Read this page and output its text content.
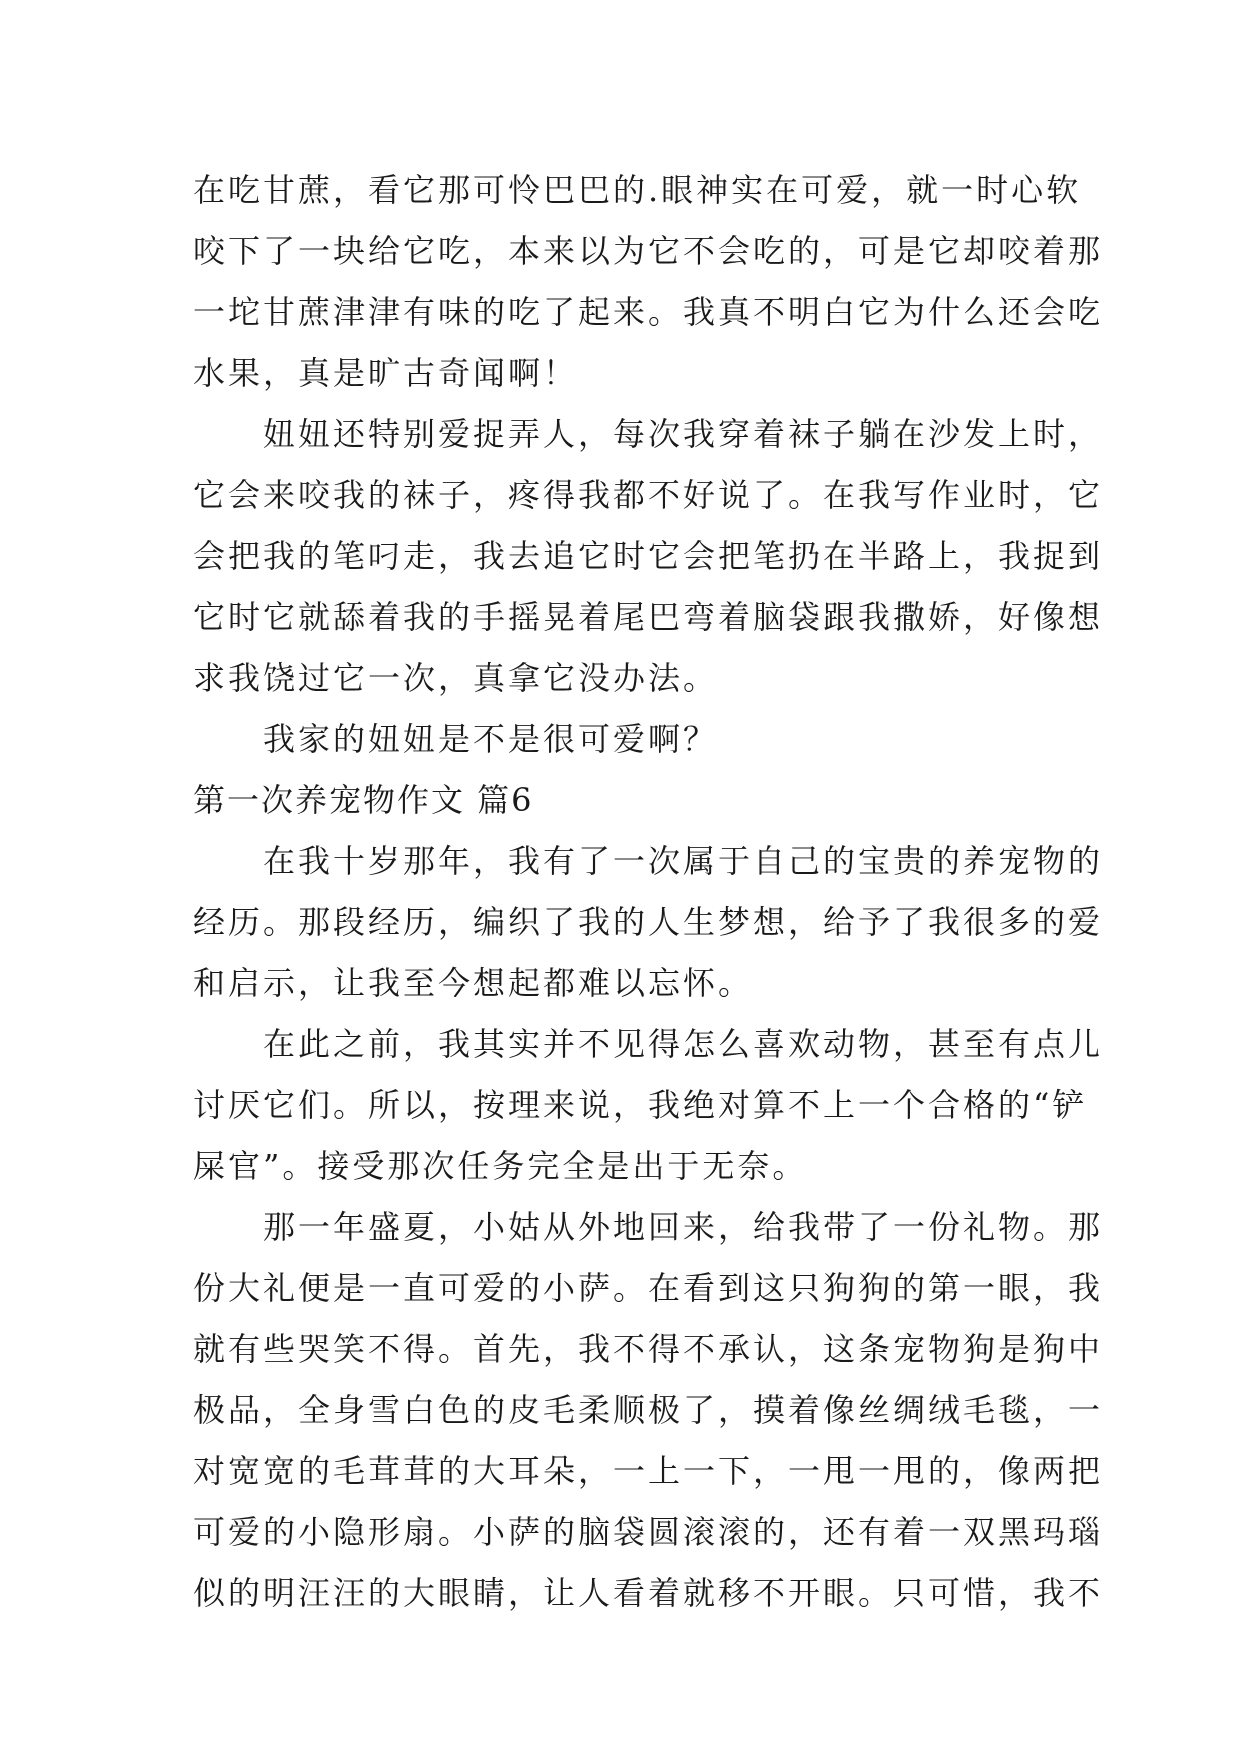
在吃甘蔗，看它那可怜巴巴的.眼神实在可爱，就一时心软
咬下了一块给它吃，本来以为它不会吃的，可是它却咬着那
一坨甘蔗津津有味的吃了起来。我真不明白它为什么还会吃
水果，真是旷古奇闻啊！
　　妞妞还特别爱捉弄人，每次我穿着袜子躺在沙发上时，
它会来咬我的袜子，疼得我都不好说了。在我写作业时，它
会把我的笔叼走，我去追它时它会把笔扔在半路上，我捉到
它时它就舔着我的手摇晃着尾巴弯着脑袋跟我撒娇，好像想
求我饶过它一次，真拿它没办法。
　　我家的妞妞是不是很可爱啊？
第一次养宠物作文 篇6
　　在我十岁那年，我有了一次属于自己的宝贵的养宠物的
经历。那段经历，编织了我的人生梦想，给予了我很多的爱
和启示，让我至今想起都难以忘怀。
　　在此之前，我其实并不见得怎么喜欢动物，甚至有点儿
讨厌它们。所以，按理来说，我绝对算不上一个合格的“铲
屎官”。接受那次任务完全是出于无奈。
　　那一年盛夏，小姑从外地回来，给我带了一份礼物。那
份大礼便是一直可爱的小萨。在看到这只狗狗的第一眼，我
就有些哭笑不得。首先，我不得不承认，这条宠物狗是狗中
极品，全身雪白色的皮毛柔顺极了，摸着像丝绸绒毛毯，一
对宽宽的毛茸茸的大耳朵，一上一下，一甩一甩的，像两把
可爱的小隐形扇。小萨的脑袋圆滚滚的，还有着一双黑玛瑙
似的明汪汪的大眼睛，让人看着就移不开眼。只可惜，我不
